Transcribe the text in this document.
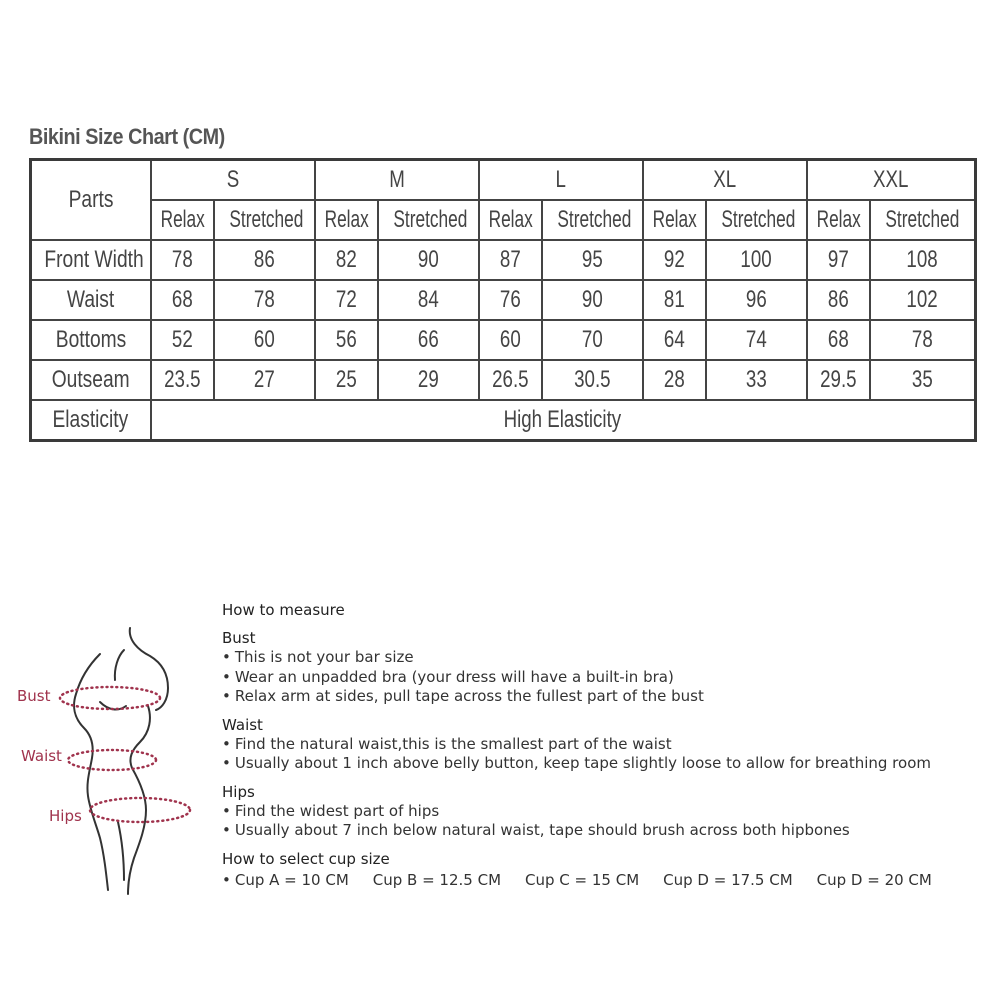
Bikini Size Chart (CM)
Parts	S		M		L		XL		XXL	
	Relax	Stretched	Relax	Stretched	Relax	Stretched	Relax	Stretched	Relax	Stretched
Front Width	78	86	82	90	87	95	92	100	97	108
Waist	68	78	72	84	76	90	81	96	86	102
Bottoms	52	60	56	66	60	70	64	74	68	78
Outseam	23.5	27	25	29	26.5	30.5	28	33	29.5	35
Elasticity	High Elasticity									
Bust
Waist
Hips

How to measure

Bust

• This is not your bar size
• Wear an unpadded bra (your dress will have a built-in bra)
• Relax arm at sides, pull tape across the fullest part of the bust

Waist

• Find the natural waist,this is the smallest part of the waist
• Usually about 1 inch above belly button, keep tape slightly loose to allow for breathing room

Hips

• Find the widest part of hips
• Usually about 7 inch below natural waist, tape should brush across both hipbones

How to select cup size

• Cup A = 10 CM Cup B = 12.5 CM Cup C = 15 CM Cup D = 17.5 CM Cup D = 20 CM
